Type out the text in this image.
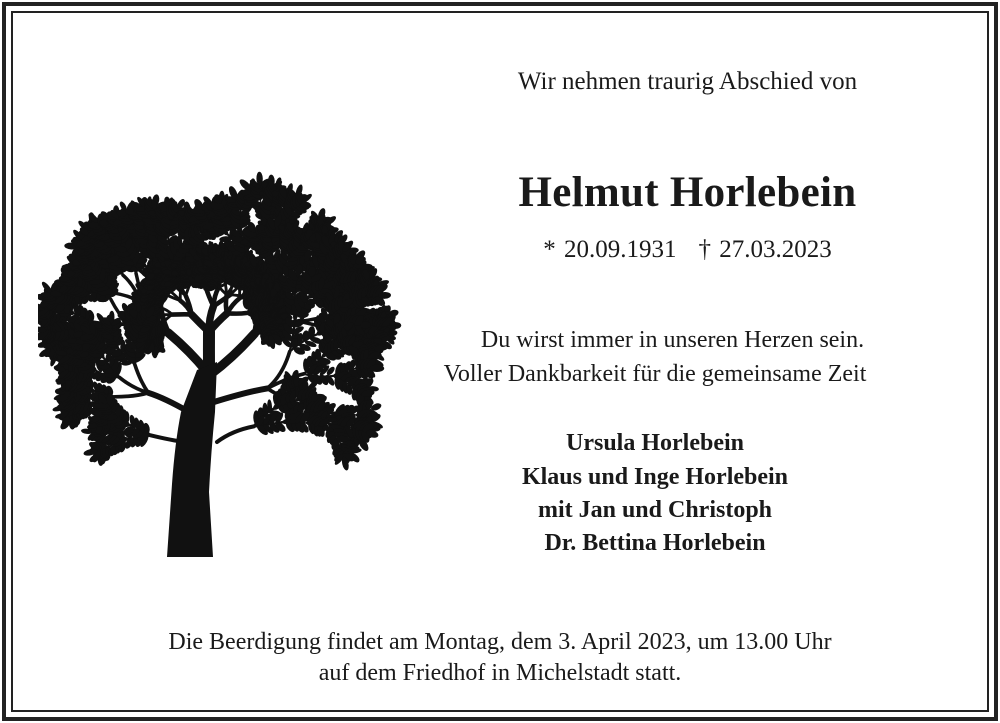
Wir nehmen traurig Abschied von
Helmut Horlebein
* 20.09.1931 † 27.03.2023
Du wirst immer in unseren Herzen sein.
Voller Dankbarkeit für die gemeinsame Zeit
Ursula Horlebein
Klaus und Inge Horlebein
mit Jan und Christoph
Dr. Bettina Horlebein
Die Beerdigung findet am Montag, dem 3. April 2023, um 13.00 Uhr
auf dem Friedhof in Michelstadt statt.
